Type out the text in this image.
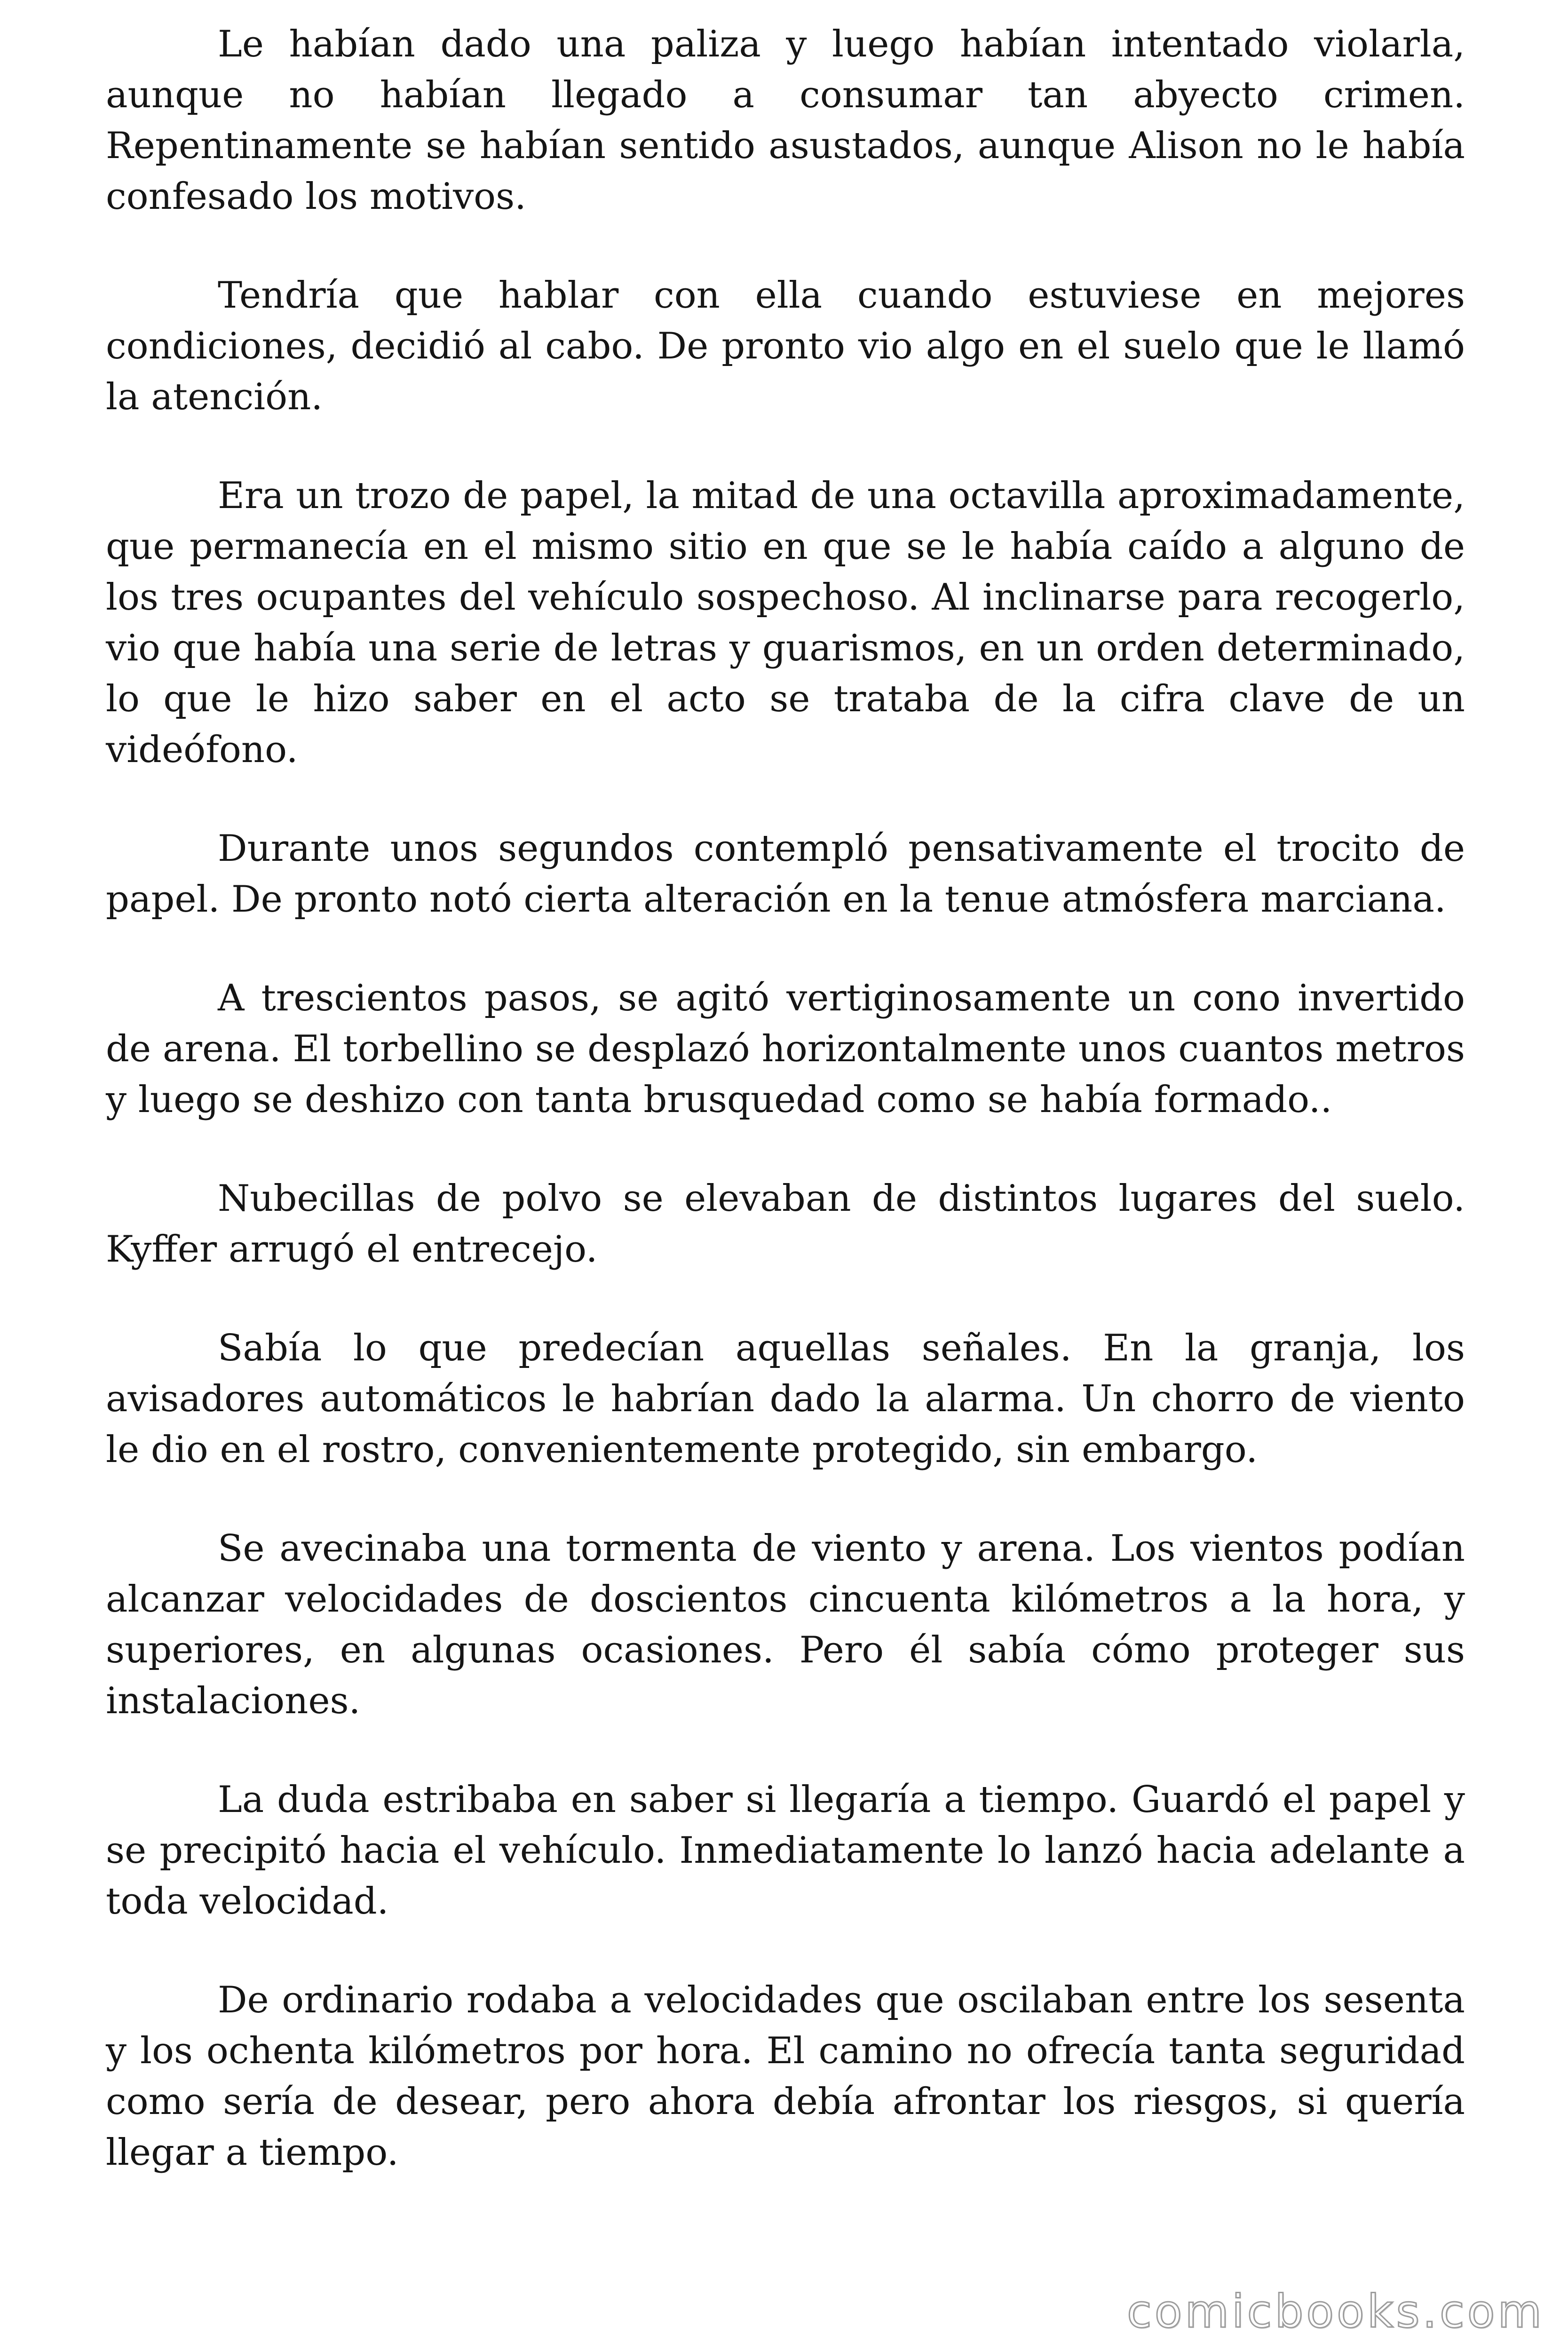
Le habían dado una paliza y luego habían intentado violarla, aunque no habían llegado a consumar tan abyecto crimen. Repentinamente se habían sentido asustados, aunque Alison no le había confesado los motivos.

Tendría que hablar con ella cuando estuviese en mejores condiciones, decidió al cabo. De pronto vio algo en el suelo que le llamó la atención.

Era un trozo de papel, la mitad de una octavilla aproximadamente, que permanecía en el mismo sitio en que se le había caído a alguno de los tres ocupantes del vehículo sospechoso. Al inclinarse para recogerlo, vio que había una serie de letras y guarismos, en un orden determinado, lo que le hizo saber en el acto se trataba de la cifra clave de un videófono.

Durante unos segundos contempló pensativamente el trocito de papel. De pronto notó cierta alteración en la tenue atmósfera marciana.

A trescientos pasos, se agitó vertiginosamente un cono invertido de arena. El torbellino se desplazó horizontalmente unos cuantos metros y luego se deshizo con tanta brusquedad como se había formado..

Nubecillas de polvo se elevaban de distintos lugares del suelo. Kyffer arrugó el entrecejo.

Sabía lo que predecían aquellas señales. En la granja, los avisadores automáticos le habrían dado la alarma. Un chorro de viento le dio en el rostro, convenientemente protegido, sin embargo.

Se avecinaba una tormenta de viento y arena. Los vientos podían alcanzar velocidades de doscientos cincuenta kilómetros a la hora, y superiores, en algunas ocasiones. Pero él sabía cómo proteger sus instalaciones.

La duda estribaba en saber si llegaría a tiempo. Guardó el papel y se precipitó hacia el vehículo. Inmediatamente lo lanzó hacia adelante a toda velocidad.

De ordinario rodaba a velocidades que oscilaban entre los sesenta y los ochenta kilómetros por hora. El camino no ofrecía tanta seguridad como sería de desear, pero ahora debía afrontar los riesgos, si quería llegar a tiempo.

comicbooks.com
